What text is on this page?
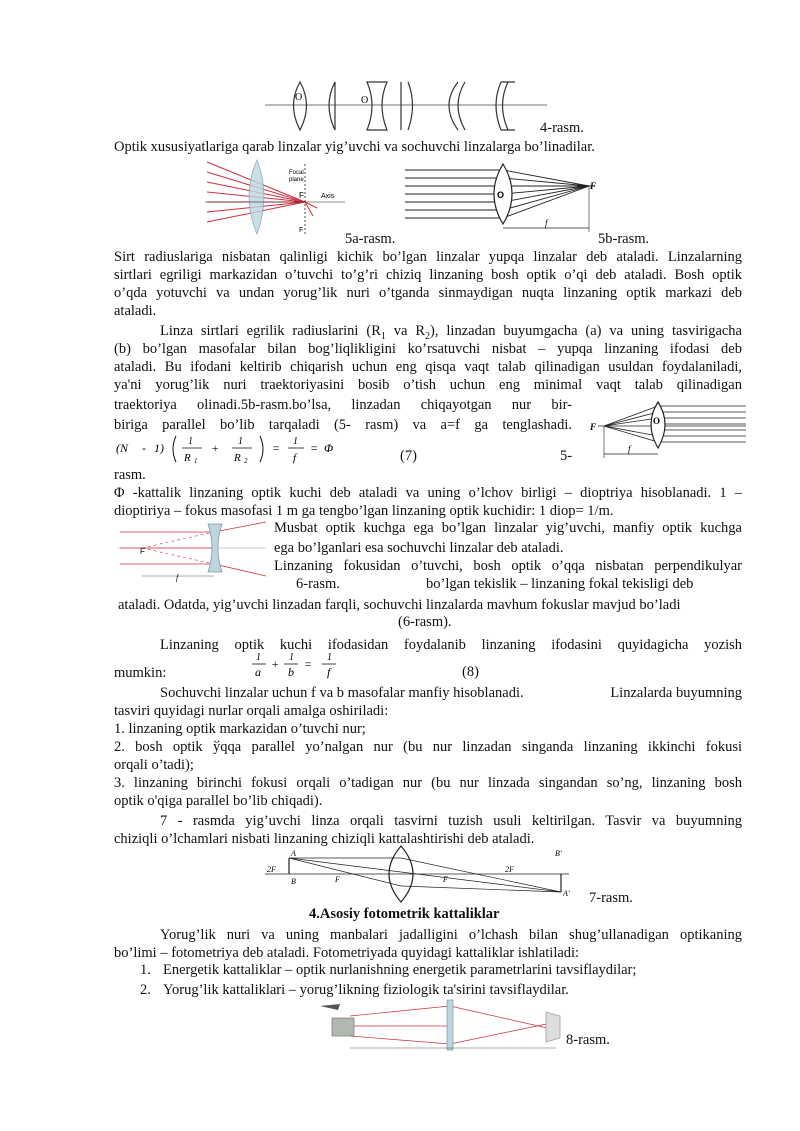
O	O
4-rasm.
Optik xususiyatlariga qarab linzalar yig’uvchi va sochuvchi linzalarga bo’linadilar.
Focal
plane
F Axis
F
O
F
f
5a-rasm.	5b-rasm.
Sirt radiuslariga nisbatan qalinligi kichik bo’lgan linzalar yupqa linzalar deb ataladi. Linzalarning
sirtlari egriligi markazidan o’tuvchi to’g’ri chiziq linzaning bosh optik o’qi deb ataladi. Bosh optik
o’qda yotuvchi va undan yorug’lik nuri o’tganda sinmaydigan nuqta linzaning optik markazi deb
ataladi.
Linza sirtlari egrilik radiuslarini ($R_1$ va $R_2$), linzadan buyumgacha (a) va uning tasvirigacha
(b) bo’lgan masofalar bilan bog’liqlikligini ko’rsatuvchi nisbat – yupqa linzaning ifodasi deb
ataladi. Bu ifodani keltirib chiqarish uchun eng qisqa vaqt talab qilinadigan usuldan foydalaniladi,
ya'ni yorug’lik nuri traektoriyasini bosib o’tish uchun eng minimal vaqt talab qilinadigan
traektoriya olinadi.5b-rasm.bo’lsa, linzadan chiqayotgan nur bir-
biriga parallel bo’lib tarqaladi (5- rasm) va a=f ga tenglashadi.
(N - 1) 1
R 1
+ 1
R 2
= 1
f
= Φ	(7)	5-
rasm.
F
O
f
Φ -kattalik linzaning optik kuchi deb ataladi va uning o’lchov birligi – dioptriya hisoblanadi. 1 –
dioptiriya – fokus masofasi 1 m ga tengbo’lgan linzaning optik kuchidir: 1 diop= 1/m.
F
f
Musbat optik kuchga ega bo’lgan linzalar yig’uvchi, manfiy optik kuchga
ega bo’lganlari esa sochuvchi linzalar deb ataladi.
Linzaning fokusidan o’tuvchi, bosh optik o’qqa nisbatan perpendikulyar
6-rasm.	bo’lgan tekislik – linzaning fokal tekisligi deb
ataladi. Odatda, yig’uvchi linzadan farqli, sochuvchi linzalarda mavhum fokuslar mavjud bo’ladi
(6-rasm).
Linzaning optik kuchi ifodasidan foydalanib linzaning ifodasini quyidagicha yozish
mumkin:
1
a
+ 1
b
= 1
f	(8)
Sochuvchi linzalar uchun f va b masofalar manfiy hisoblanadi.	Linzalarda buyumning
tasviri quyidagi nurlar orqali amalga oshiriladi:
1. linzaning optik markazidan o’tuvchi nur;
2. bosh optik ўqqa parallel yo’nalgan nur (bu nur linzadan singanda linzaning ikkinchi fokusi
orqali o’tadi);
3. linzaning birinchi fokusi orqali o’tadigan nur (bu nur linzada singandan so’ng, linzaning bosh
optik o'qiga parallel bo’lib chiqadi).
7 - rasmda yig’uvchi linza orqali tasvirni tuzish usuli keltirilgan. Tasvir va buyumning
chiziqli o’lchamlari nisbati linzaning chiziqli kattalashtirishi deb ataladi.
2F
A
B	F	F
2F
B'
A' 7-rasm.
4.Asosiy fotometrik kattaliklar
Yorug’lik nuri va uning manbalari jadalligini o’lchash bilan shug’ullanadigan optikaning
bo’limi – fotometriya deb ataladi. Fotometriyada quyidagi kattaliklar ishlatiladi:
1. Energetik kattaliklar – optik nurlanishning energetik parametrlarini tavsiflaydilar;
2. Yorug’lik kattaliklari – yorug’likning fiziologik ta'sirini tavsiflaydilar.
8-rasm.
